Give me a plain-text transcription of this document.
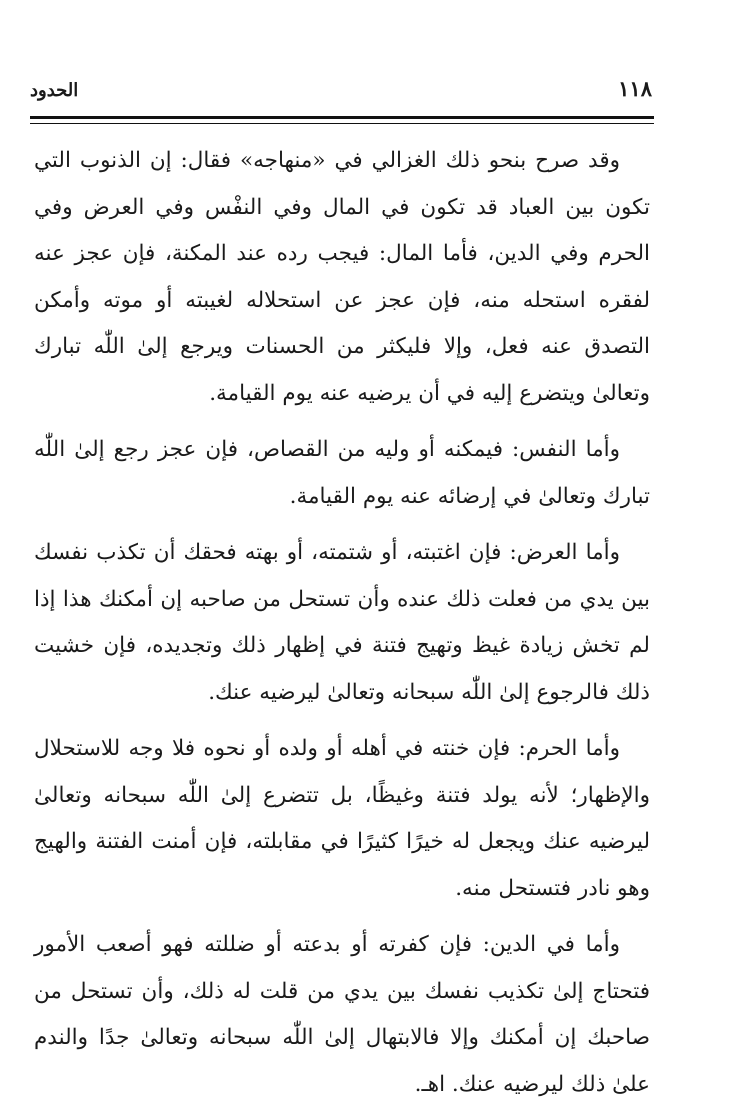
١١٨
الحدود

وقد صرح بنحو ذلك الغزالي في «منهاجه» فقال: إن الذنوب التي تكون بين العباد قد تكون في المال وفي النفْس وفي العرض وفي الحرم وفي الدين، فأما المال: فيجب رده عند المكنة، فإن عجز عنه لفقره استحله منه، فإن عجز عن استحلاله لغيبته أو موته وأمكن التصدق عنه فعل، وإلا فليكثر من الحسنات ويرجع إلىٰ اللّٰه تبارك وتعالىٰ ويتضرع إليه في أن يرضيه عنه يوم القيامة.

وأما النفس: فيمكنه أو وليه من القصاص، فإن عجز رجع إلىٰ اللّٰه تبارك وتعالىٰ في إرضائه عنه يوم القيامة.

وأما العرض: فإن اغتبته، أو شتمته، أو بهته فحقك أن تكذب نفسك بين يدي من فعلت ذلك عنده وأن تستحل من صاحبه إن أمكنك هذا إذا لم تخش زيادة غيظ وتهيج فتنة في إظهار ذلك وتجديده، فإن خشيت ذلك فالرجوع إلىٰ اللّٰه سبحانه وتعالىٰ ليرضيه عنك.

وأما الحرم: فإن خنته في أهله أو ولده أو نحوه فلا وجه للاستحلال والإظهار؛ لأنه يولد فتنة وغيظًا، بل تتضرع إلىٰ اللّٰه سبحانه وتعالىٰ ليرضيه عنك ويجعل له خيرًا كثيرًا في مقابلته، فإن أمنت الفتنة والهيج وهو نادر فتستحل منه.

وأما في الدين: فإن كفرته أو بدعته أو ضللته فهو أصعب الأمور فتحتاج إلىٰ تكذيب نفسك بين يدي من قلت له ذلك، وأن تستحل من صاحبك إن أمكنك وإلا فالابتهال إلىٰ اللّٰه سبحانه وتعالىٰ جدًا والندم علىٰ ذلك ليرضيه عنك. اهـ.
